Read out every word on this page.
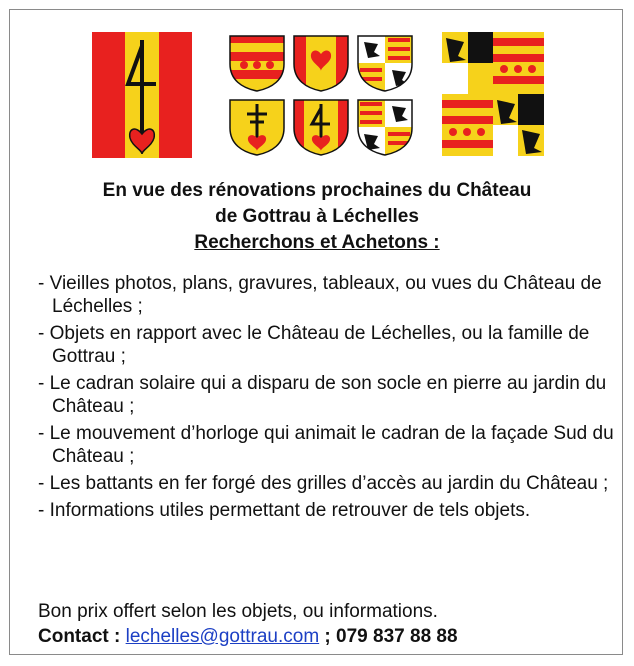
En vue des rénovations prochaines du Château
de Gottrau à Léchelles
Recherchons et Achetons :
- Vieilles photos, plans, gravures, tableaux, ou vues du Château de Léchelles ;
- Objets en rapport avec le Château de Léchelles, ou la famille de Gottrau ;
- Le cadran solaire qui a disparu de son socle en pierre au jardin du Château ;
- Le mouvement d’horloge qui animait le cadran de la façade Sud du Château ;
- Les battants en fer forgé des grilles d’accès au jardin du Château ;
- Informations utiles permettant de retrouver de tels objets.
Bon prix offert selon les objets, ou informations.
Contact : lechelles@gottrau.com ; 079 837 88 88
